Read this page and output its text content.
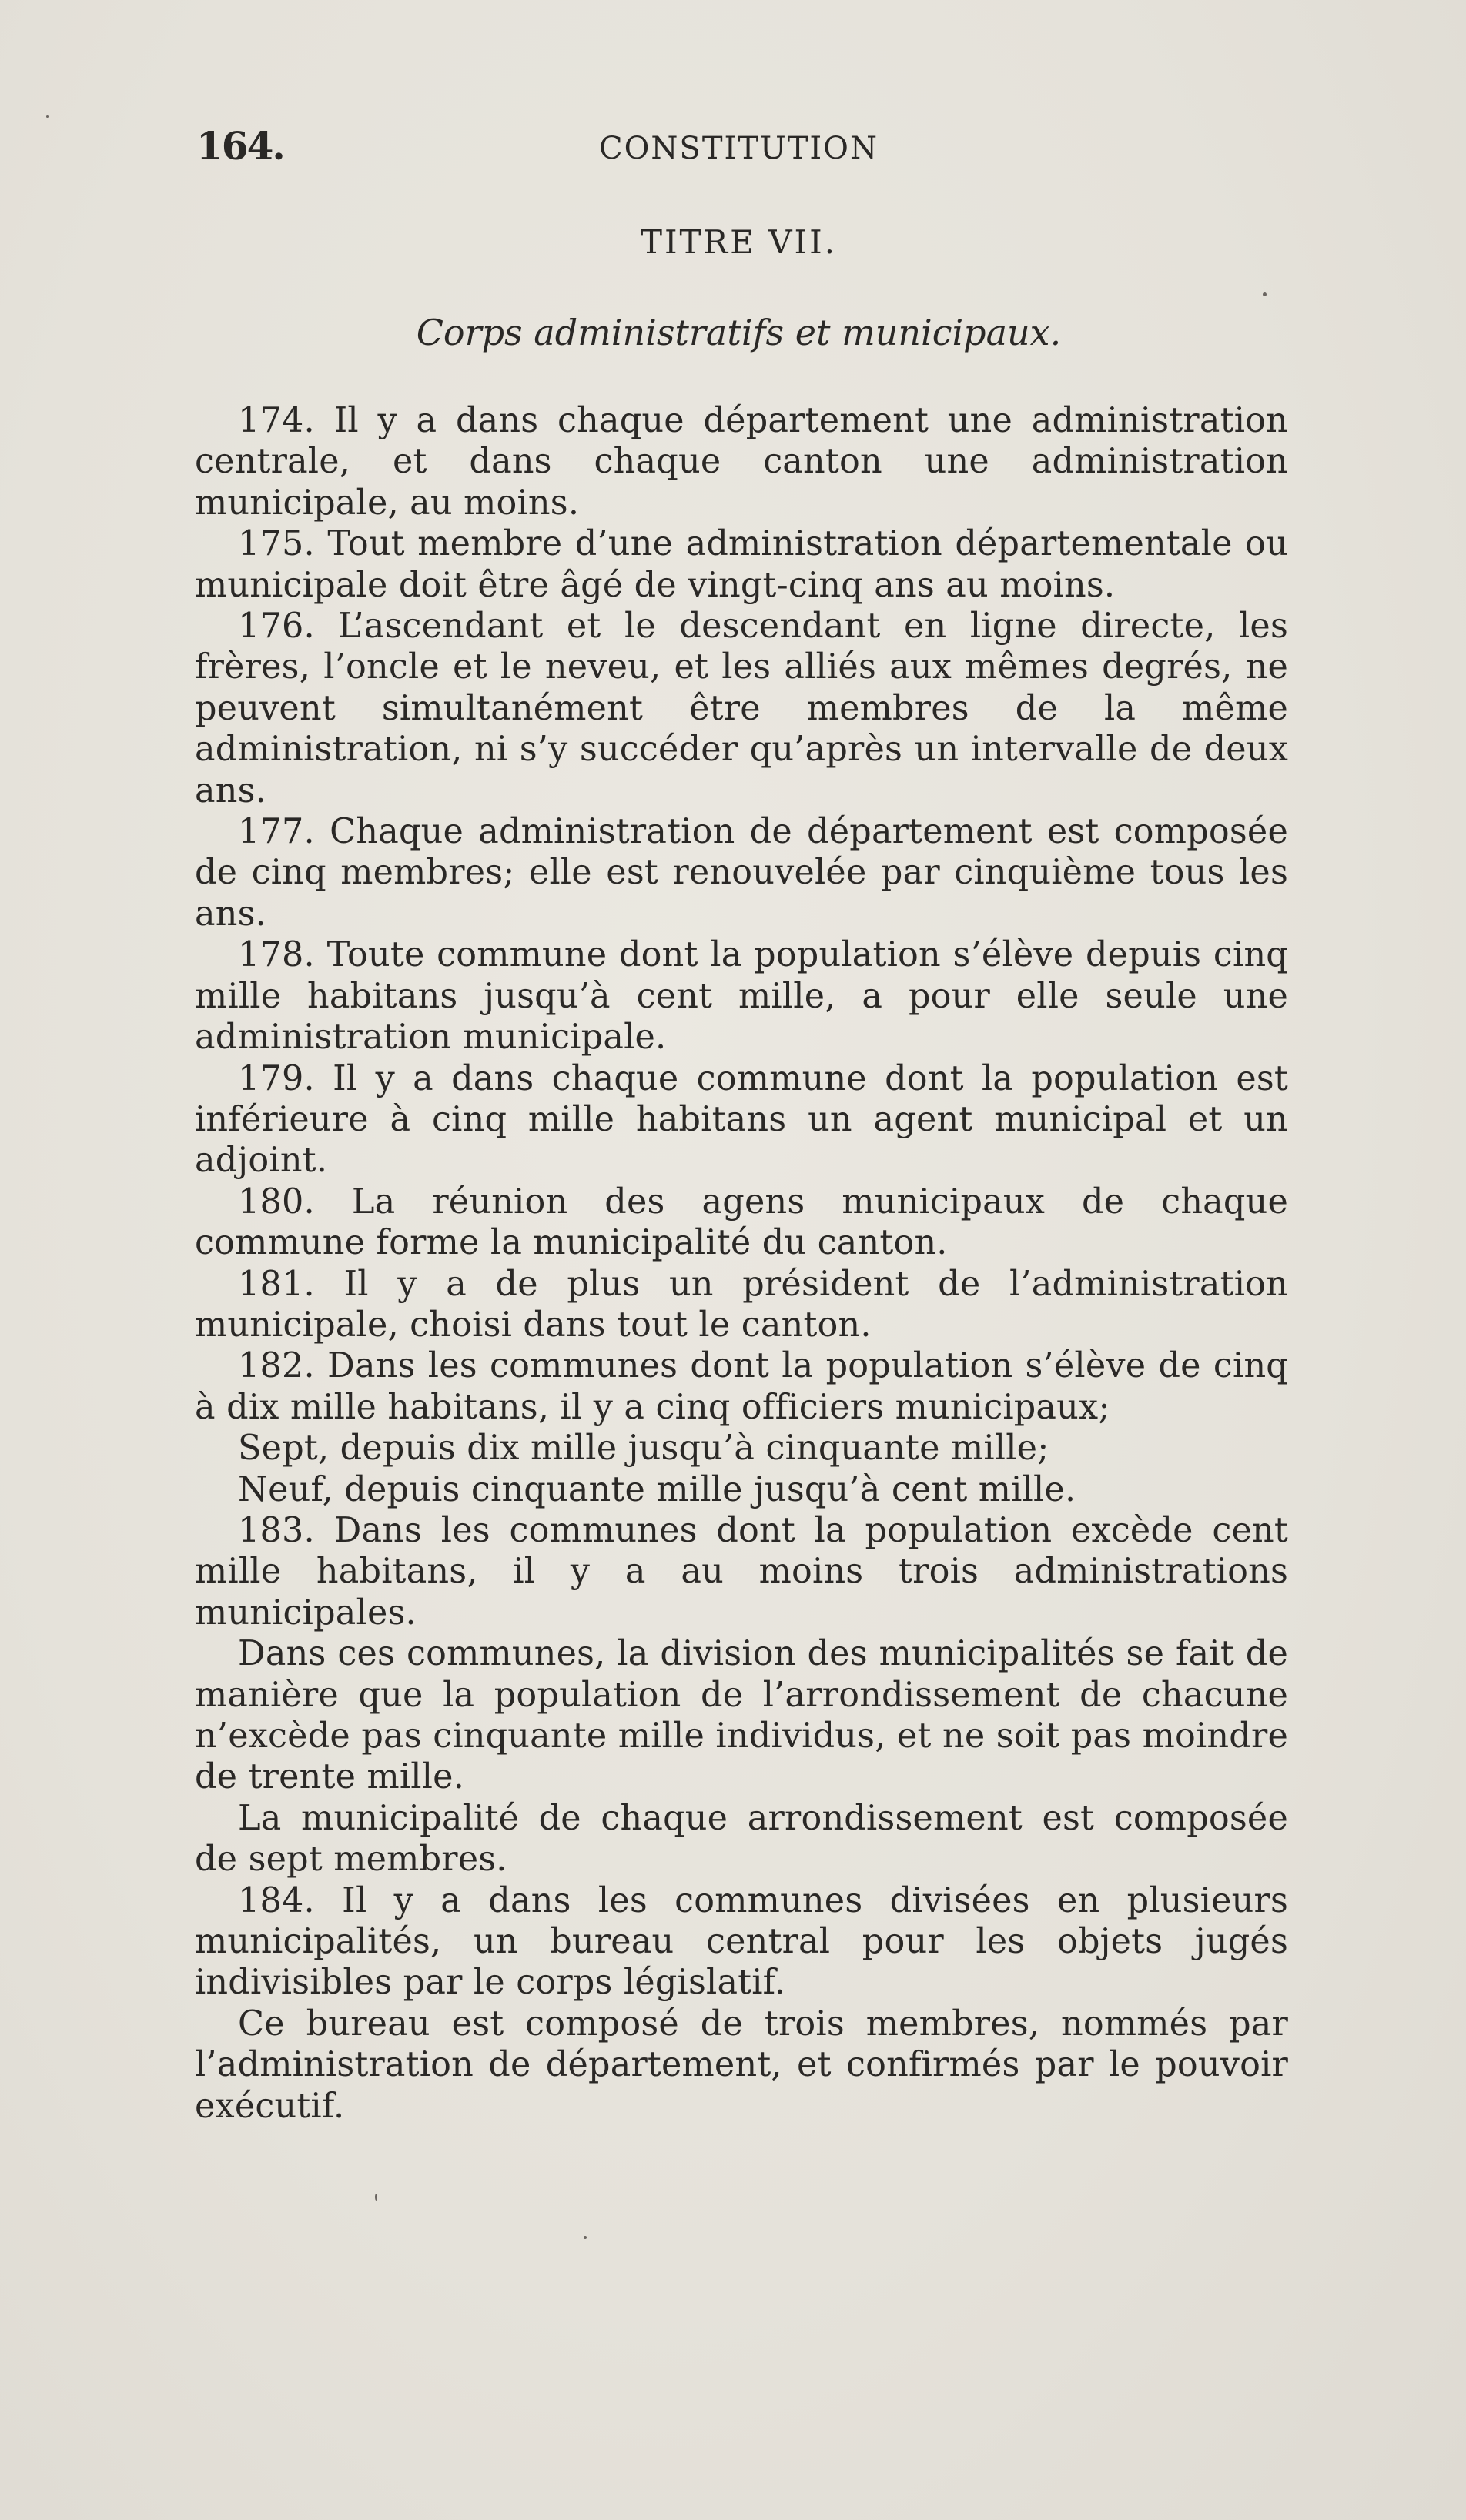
164.	CONSTITUTION
TITRE VII.
Corps administratifs et municipaux.

174. Il y a dans chaque département une administration centrale, et dans chaque canton une administration municipale, au moins.

175. Tout membre d’une administration départementale ou municipale doit être âgé de vingt-cinq ans au moins.

176. L’ascendant et le descendant en ligne directe, les frères, l’oncle et le neveu, et les alliés aux mêmes degrés, ne peuvent simultanément être membres de la même administration, ni s’y succéder qu’après un intervalle de deux ans.

177. Chaque administration de département est composée de cinq membres; elle est renouvelée par cinquième tous les ans.

178. Toute commune dont la population s’élève depuis cinq mille habitans jusqu’à cent mille, a pour elle seule une administration municipale.

179. Il y a dans chaque commune dont la population est inférieure à cinq mille habitans un agent municipal et un adjoint.

180. La réunion des agens municipaux de chaque commune forme la municipalité du canton.

181. Il y a de plus un président de l’administration municipale, choisi dans tout le canton.

182. Dans les communes dont la population s’élève de cinq à dix mille habitans, il y a cinq officiers municipaux;

Sept, depuis dix mille jusqu’à cinquante mille;

Neuf, depuis cinquante mille jusqu’à cent mille.

183. Dans les communes dont la population excède cent mille habitans, il y a au moins trois administrations municipales.

Dans ces communes, la division des municipalités se fait de manière que la population de l’arrondissement de chacune n’excède pas cinquante mille individus, et ne soit pas moindre de trente mille.

La municipalité de chaque arrondissement est composée de sept membres.

184. Il y a dans les communes divisées en plusieurs municipalités, un bureau central pour les objets jugés indivisibles par le corps législatif.

Ce bureau est composé de trois membres, nommés par l’administration de département, et confirmés par le pouvoir exécutif.
